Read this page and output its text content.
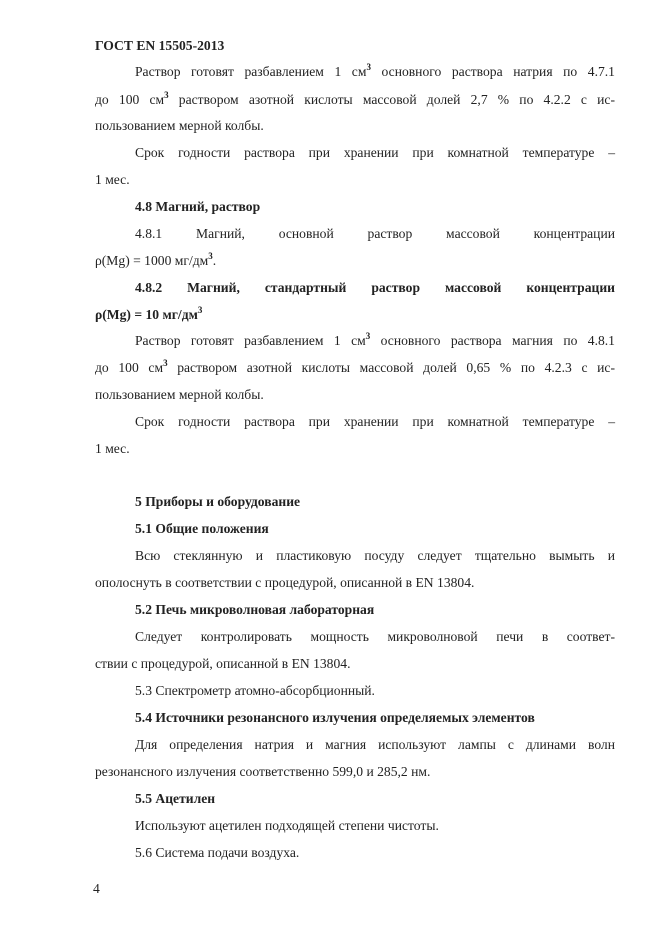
ГОСТ EN 15505-2013
Раствор готовят разбавлением 1 $см^3$ основного раствора натрия по 4.7.1
до 100 $см^3$ раствором азотной кислоты массовой долей 2,7 % по 4.2.2 с ис-
пользованием мерной колбы.
Срок годности раствора при хранении при комнатной температуре –
1 мес.
4.8 Магний, раствор
4.8.1 Магний, основной раствор массовой концентрации
ρ(Mg) = 1000 $мг/дм^3$.
4.8.2 Магний, стандартный раствор массовой концентрации
ρ(Mg) = 10 $мг/дм^3$
Раствор готовят разбавлением 1 $см^3$ основного раствора магния по 4.8.1
до 100 $см^3$ раствором азотной кислоты массовой долей 0,65 % по 4.2.3 с ис-
пользованием мерной колбы.
Срок годности раствора при хранении при комнатной температуре –
1 мес.
5 Приборы и оборудование
5.1 Общие положения
Всю стеклянную и пластиковую посуду следует тщательно вымыть и
ополоснуть в соответствии с процедурой, описанной в EN 13804.
5.2 Печь микроволновая лабораторная
Следует контролировать мощность микроволновой печи в соответ-
ствии с процедурой, описанной в EN 13804.
5.3 Спектрометр атомно-абсорбционный.
5.4 Источники резонансного излучения определяемых элементов
Для определения натрия и магния используют лампы с длинами волн
резонансного излучения соответственно 599,0 и 285,2 нм.
5.5 Ацетилен
Используют ацетилен подходящей степени чистоты.
5.6 Система подачи воздуха.
4
